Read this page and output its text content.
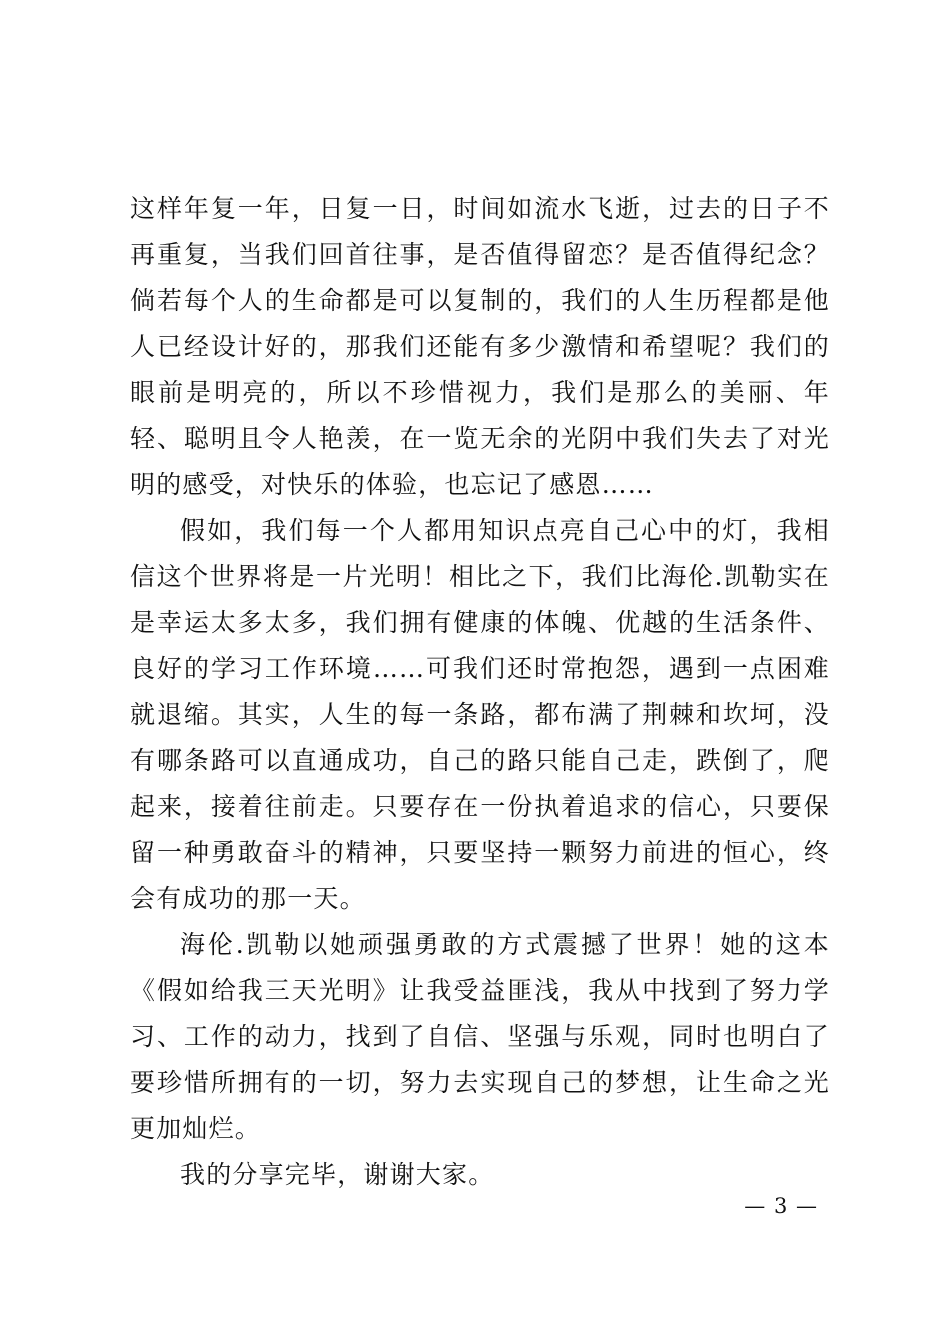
这样年复一年，日复一日，时间如流水飞逝，过去的日子不再重复，当我们回首往事，是否值得留恋？是否值得纪念？倘若每个人的生命都是可以复制的，我们的人生历程都是他人已经设计好的，那我们还能有多少激情和希望呢？我们的眼前是明亮的，所以不珍惜视力，我们是那么的美丽、年轻、聪明且令人艳羡，在一览无余的光阴中我们失去了对光明的感受，对快乐的体验，也忘记了感恩……

假如，我们每一个人都用知识点亮自己心中的灯，我相信这个世界将是一片光明！相比之下，我们比海伦.凯勒实在是幸运太多太多，我们拥有健康的体魄、优越的生活条件、良好的学习工作环境……可我们还时常抱怨，遇到一点困难就退缩。其实，人生的每一条路，都布满了荆棘和坎坷，没有哪条路可以直通成功，自己的路只能自己走，跌倒了，爬起来，接着往前走。只要存在一份执着追求的信心，只要保留一种勇敢奋斗的精神，只要坚持一颗努力前进的恒心，终会有成功的那一天。

海伦.凯勒以她顽强勇敢的方式震撼了世界！她的这本《假如给我三天光明》让我受益匪浅，我从中找到了努力学习、工作的动力，找到了自信、坚强与乐观，同时也明白了要珍惜所拥有的一切，努力去实现自己的梦想，让生命之光更加灿烂。

我的分享完毕，谢谢大家。

— 3 —
